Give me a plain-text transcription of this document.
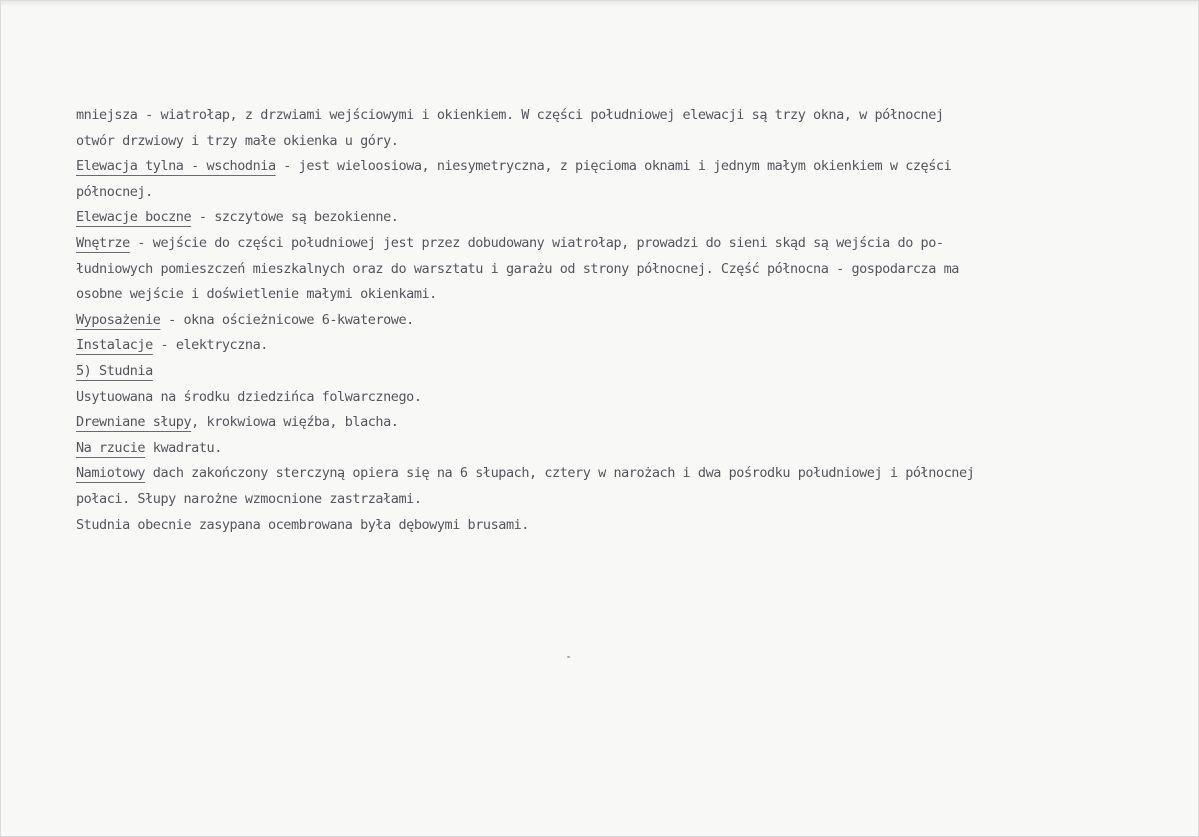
mniejsza - wiatrołap, z drzwiami wejściowymi i okienkiem. W części południowej elewacji są trzy okna, w północnej
otwór drzwiowy i trzy małe okienka u góry.
Elewacja tylna - wschodnia - jest wieloosiowa, niesymetryczna, z pięcioma oknami i jednym małym okienkiem w części
północnej.
Elewacje boczne - szczytowe są bezokienne.
Wnętrze - wejście do części południowej jest przez dobudowany wiatrołap, prowadzi do sieni skąd są wejścia do po-
łudniowych pomieszczeń mieszkalnych oraz do warsztatu i garażu od strony północnej. Część północna - gospodarcza ma
osobne wejście i doświetlenie małymi okienkami.
Wyposażenie - okna ościeżnicowe 6-kwaterowe.
Instalacje - elektryczna.
5) Studnia
Usytuowana na środku dziedzińca folwarcznego.
Drewniane słupy, krokwiowa więźba, blacha.
Na rzucie kwadratu.
Namiotowy dach zakończony sterczyną opiera się na 6 słupach, cztery w narożach i dwa pośrodku południowej i północnej
połaci. Słupy narożne wzmocnione zastrzałami.
Studnia obecnie zasypana ocembrowana była dębowymi brusami.
